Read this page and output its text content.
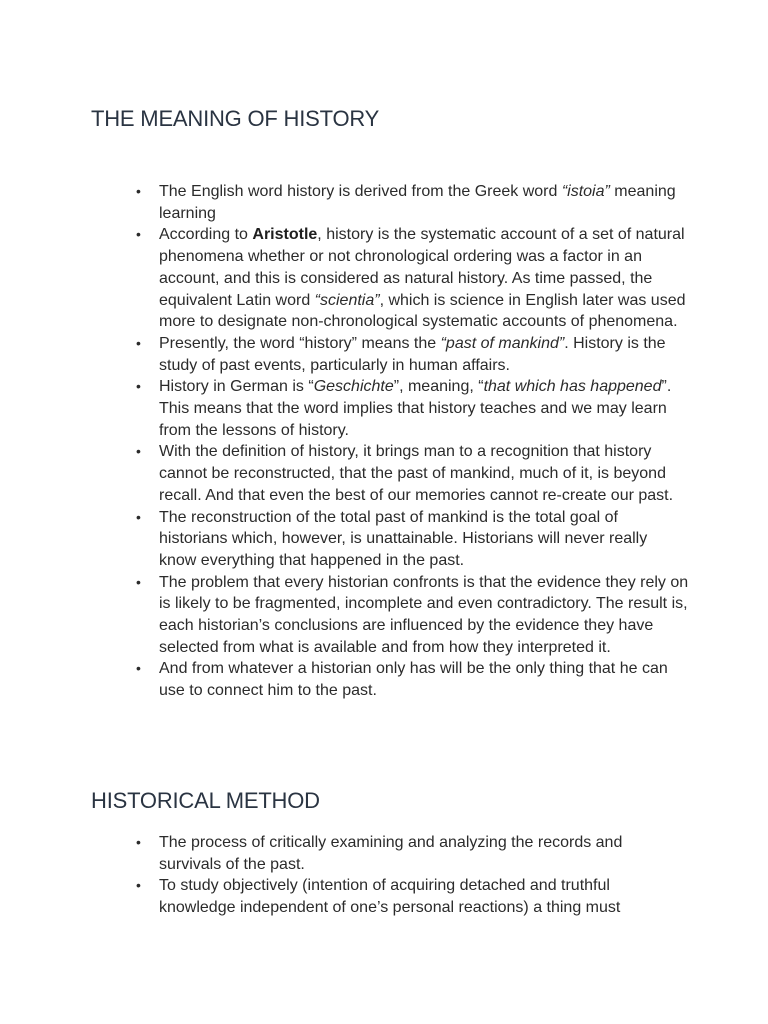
THE MEANING OF HISTORY
• The English word history is derived from the Greek word “istoia” meaning learning
• According to Aristotle, history is the systematic account of a set of natural phenomena whether or not chronological ordering was a factor in an account, and this is considered as natural history. As time passed, the equivalent Latin word “scientia”, which is science in English later was used more to designate non-chronological systematic accounts of phenomena.
• Presently, the word “history” means the “past of mankind”. History is the study of past events, particularly in human affairs.
• History in German is “Geschichte”, meaning, “that which has happened”. This means that the word implies that history teaches and we may learn from the lessons of history.
• With the definition of history, it brings man to a recognition that history cannot be reconstructed, that the past of mankind, much of it, is beyond recall. And that even the best of our memories cannot re-create our past.
• The reconstruction of the total past of mankind is the total goal of historians which, however, is unattainable. Historians will never really know everything that happened in the past.
• The problem that every historian confronts is that the evidence they rely on is likely to be fragmented, incomplete and even contradictory. The result is, each historian’s conclusions are influenced by the evidence they have selected from what is available and from how they interpreted it.
• And from whatever a historian only has will be the only thing that he can use to connect him to the past.
HISTORICAL METHOD
• The process of critically examining and analyzing the records and survivals of the past.
• To study objectively (intention of acquiring detached and truthful knowledge independent of one’s personal reactions) a thing must
